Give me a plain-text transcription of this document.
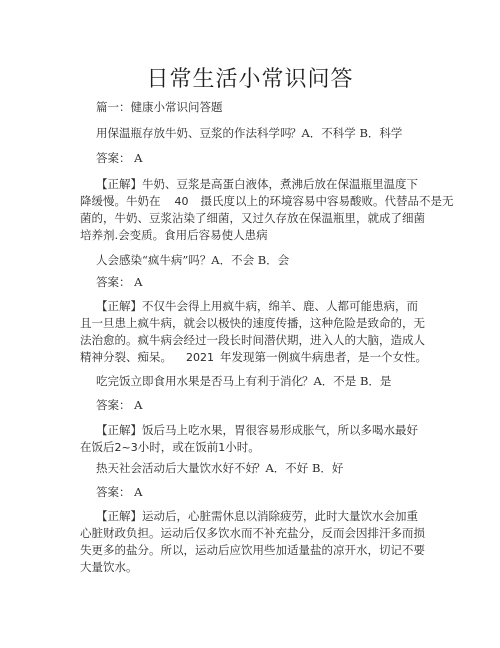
日常生活小常识问答
篇一：健康小常识问答题
用保温瓶存放牛奶、豆浆的作法科学吗
？A．不科学 B．科学
答案： A
【正解】牛奶、豆浆是高蛋白液体，煮沸后放在保温瓶里温度下
降缓慢。牛奶在 40 摄氏度以上的环境容易中容易酸败。代替品不是无
菌的，牛奶、豆浆沾染了细菌，又过久存放在保温瓶里，就成了细菌
培养剂.会变质。食用后容易使人患病
人会感染“疯牛病”吗？A．不会 B．会
答案： A
【正解】不仅牛会得上用疯牛病，绵羊、鹿、人都可能患病，而
且一旦患上疯牛病，就会以极快的速度传播，这种危险是致命的，无
法治愈的。疯牛病会经过一段长时间潜伏期，进入人的大脑，造成人
精神分裂、痴呆。 2021 年发现第一例疯牛病患者，是一个女性。
吃完饭立即食用水果是否马上有利于消化 ？A．不是 B．是
答案： A
【正解】饭后马上吃水果，胃很容易形成胀气，所以多喝水最好
在饭后2~3小时，或在饭前1小时。
热天社会活动后大量饮水好不好
？A．不好 B．好
答案： A
【正解】运动后，心脏需休息以消除疲劳，此时大量饮水会加重
心脏财政负担。运动后仅多饮水而不补充盐分，反而会因排汗多而损
失更多的盐分。所以，运动后应饮用些加适量盐的凉开水，切记不要
大量饮水。
